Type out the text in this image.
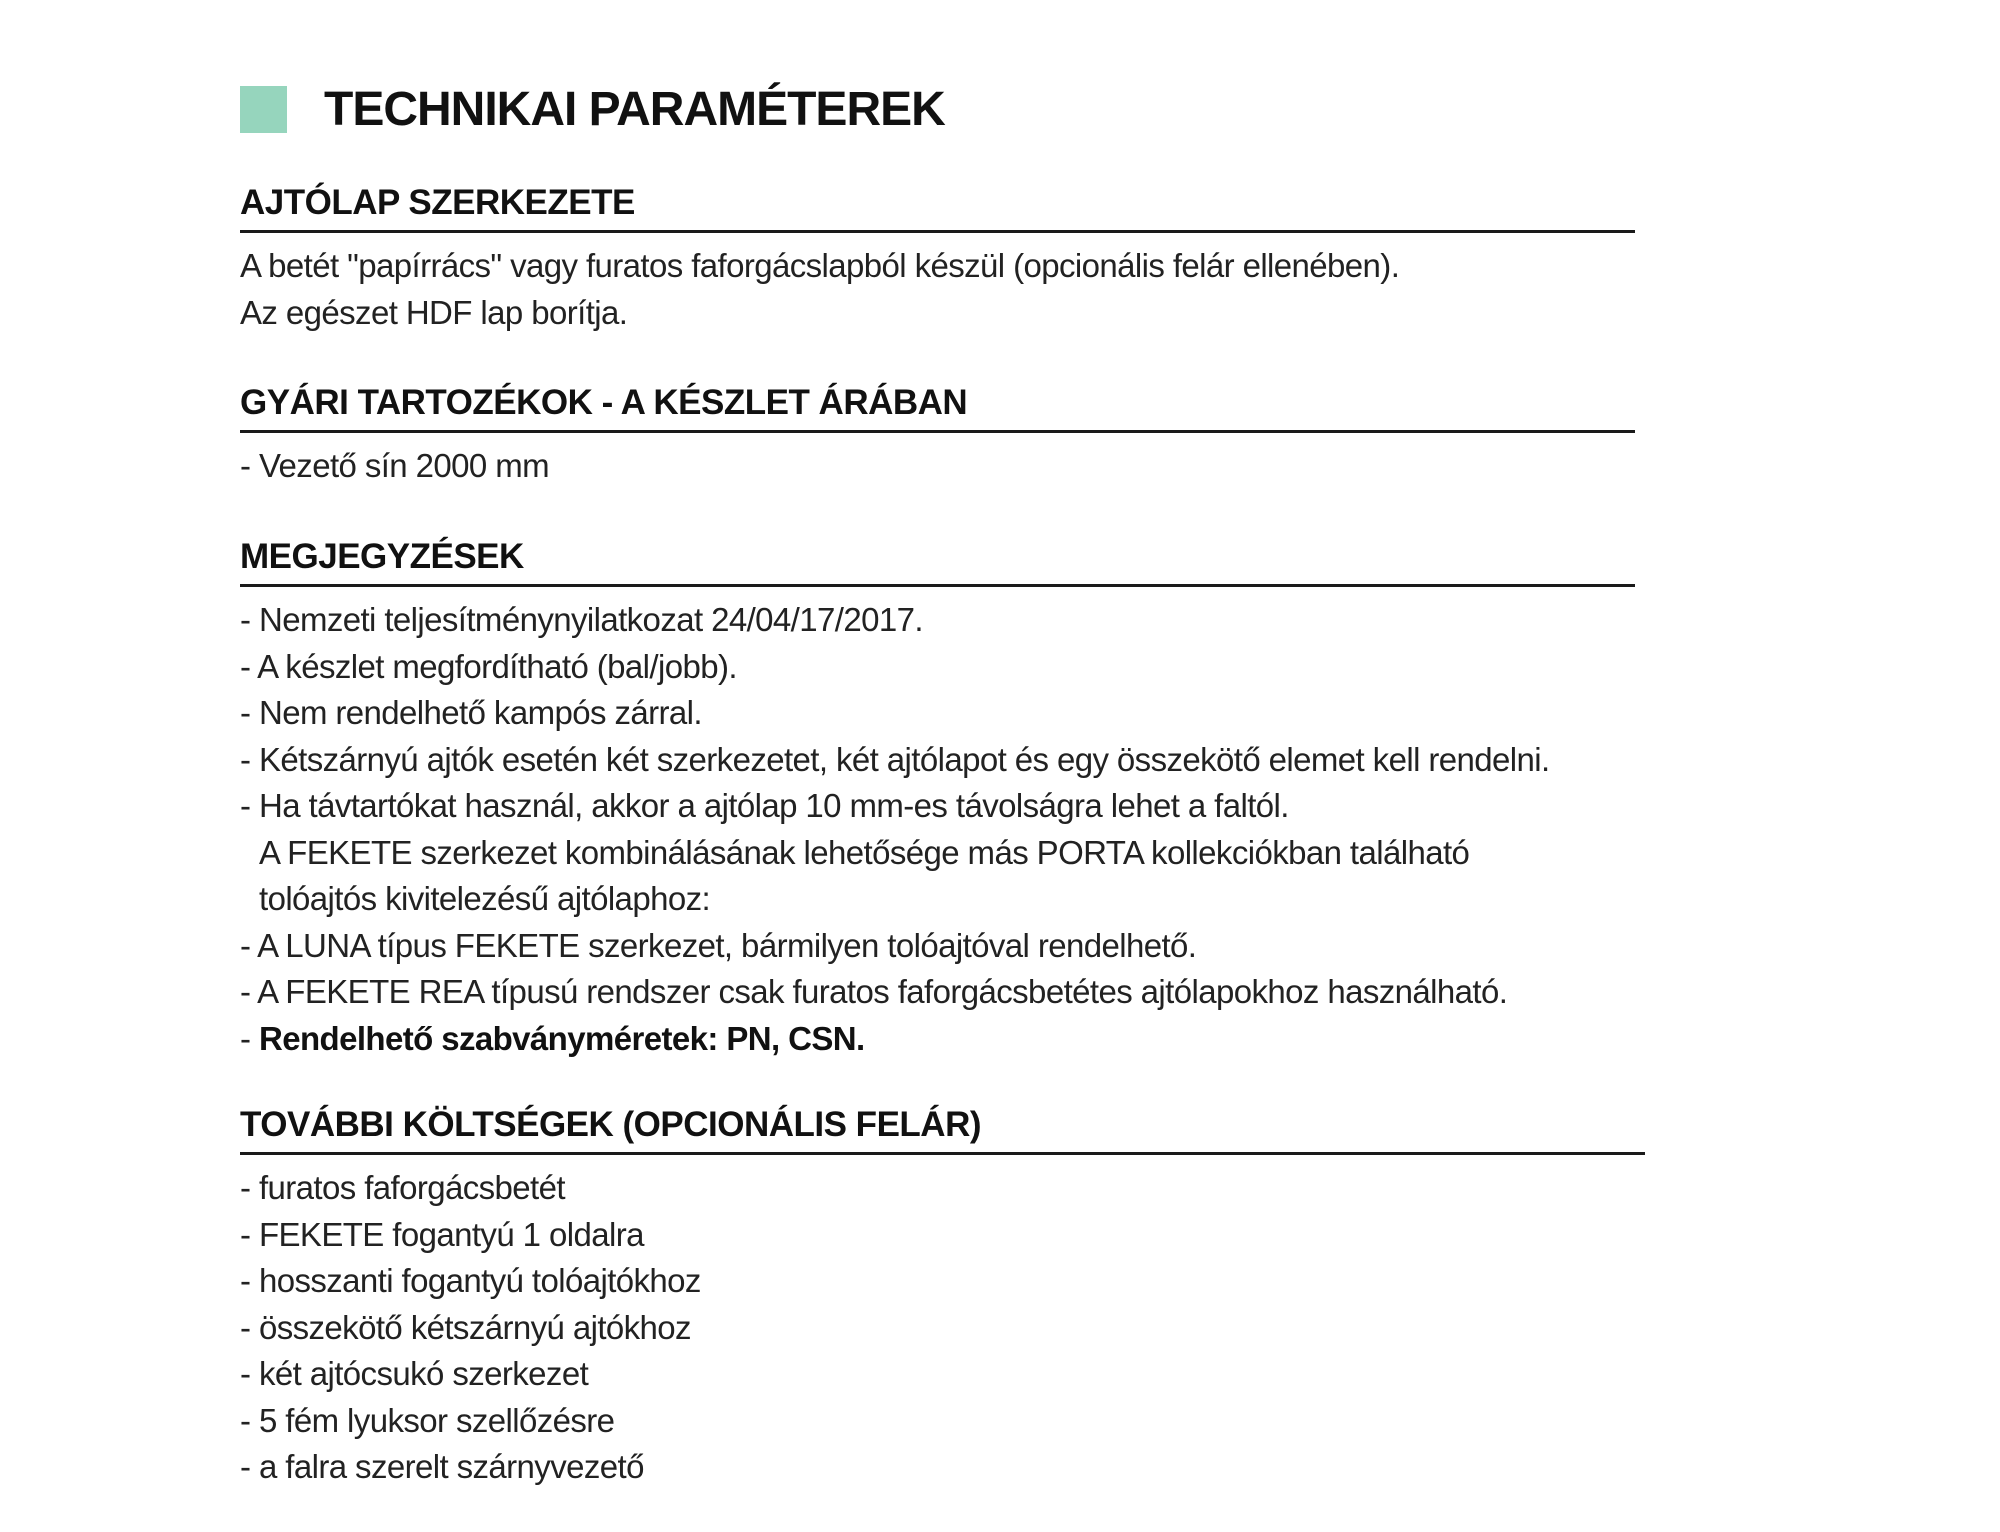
TECHNIKAI PARAMÉTEREK
AJTÓLAP SZERKEZETE
A betét "papírrács" vagy furatos faforgácslapból készül (opcionális felár ellenében).
Az egészet HDF lap borítja.
GYÁRI TARTOZÉKOK - A KÉSZLET ÁRÁBAN
- Vezető sín 2000 mm
MEGJEGYZÉSEK
- Nemzeti teljesítménynyilatkozat 24/04/17/2017.
- A készlet megfordítható (bal/jobb).
- Nem rendelhető kampós zárral.
- Kétszárnyú ajtók esetén két szerkezetet, két ajtólapot és egy összekötő elemet kell rendelni.
- Ha távtartókat használ, akkor a ajtólap 10 mm-es távolságra lehet a faltól.
A FEKETE szerkezet kombinálásának lehetősége más PORTA kollekciókban található
tolóajtós kivitelezésű ajtólaphoz:
- A LUNA típus FEKETE szerkezet, bármilyen tolóajtóval rendelhető.
- A FEKETE REA típusú rendszer csak furatos faforgácsbetétes ajtólapokhoz használható.
- Rendelhető szabványméretek: PN, CSN.
TOVÁBBI KÖLTSÉGEK (OPCIONÁLIS FELÁR)
- furatos faforgácsbetét
- FEKETE fogantyú 1 oldalra
- hosszanti fogantyú tolóajtókhoz
- összekötő kétszárnyú ajtókhoz
- két ajtócsukó szerkezet
- 5 fém lyuksor szellőzésre
- a falra szerelt szárnyvezető
